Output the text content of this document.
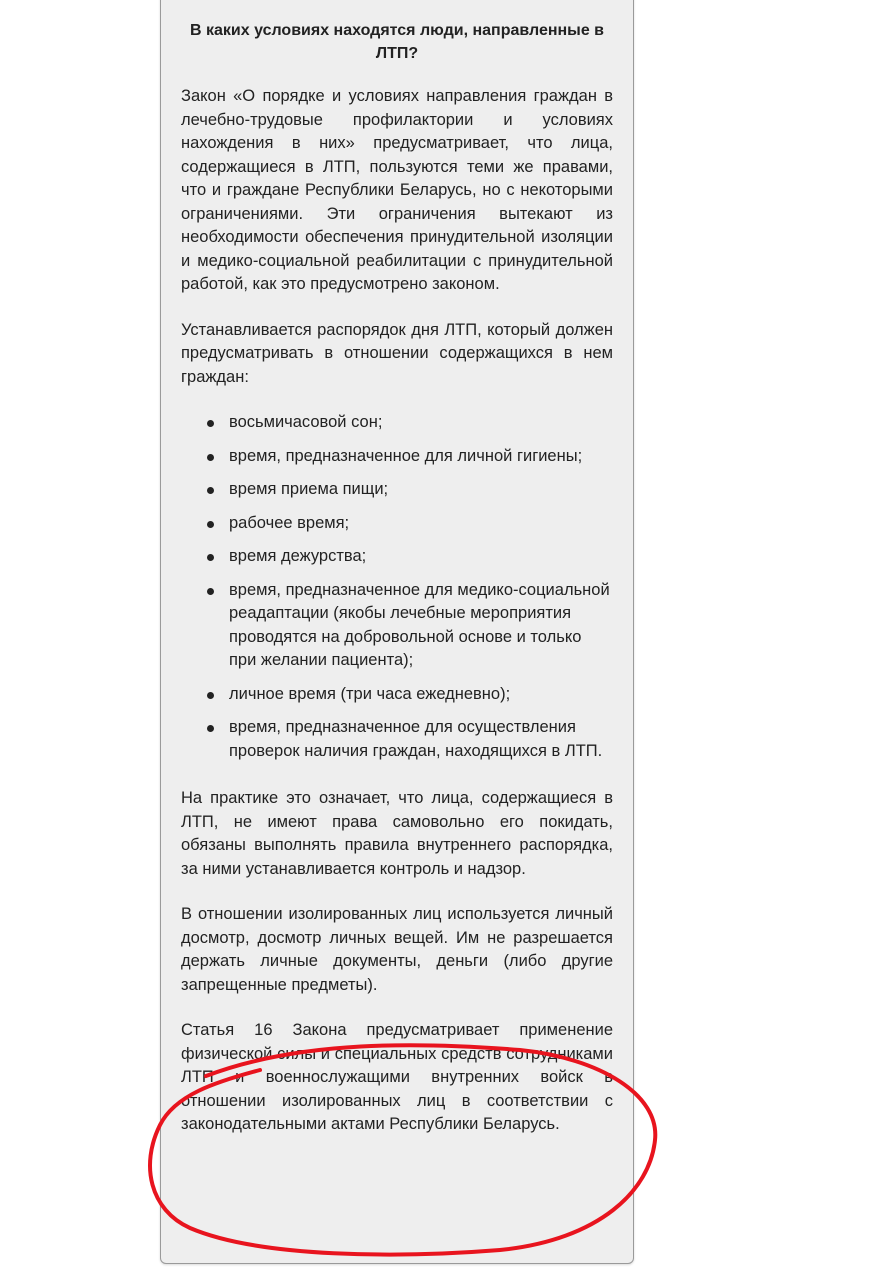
В каких условиях находятся люди, направленные в ЛТП?

Закон «О порядке и условиях направления граждан в лечебно-трудовые профилактории и условиях нахождения в них» предусматривает, что лица, содержащиеся в ЛТП, пользуются теми же правами, что и граждане Республики Беларусь, но с некоторыми ограничениями. Эти ограничения вытекают из необходимости обеспечения принудительной изоляции и медико-социальной реабилитации с принудительной работой, как это предусмотрено законом.

Устанавливается распорядок дня ЛТП, который должен предусматривать в отношении содержащихся в нем граждан:

восьмичасовой сон;
время, предназначенное для личной гигиены;
время приема пищи;
рабочее время;
время дежурства;
время, предназначенное для медико-социальной реадаптации (якобы лечебные мероприятия проводятся на добровольной основе и только при желании пациента);
личное время (три часа ежедневно);
время, предназначенное для осуществления проверок наличия граждан, находящихся в ЛТП.

На практике это означает, что лица, содержащиеся в ЛТП, не имеют права самовольно его покидать, обязаны выполнять правила внутреннего распорядка, за ними устанавливается контроль и надзор.

В отношении изолированных лиц используется личный досмотр, досмотр личных вещей. Им не разрешается держать личные документы, деньги (либо другие запрещенные предметы).

Статья 16 Закона предусматривает применение физической силы и специальных средств сотрудниками ЛТП и военнослужащими внутренних войск в отношении изолированных лиц в соответствии с законодательными актами Республики Беларусь.
